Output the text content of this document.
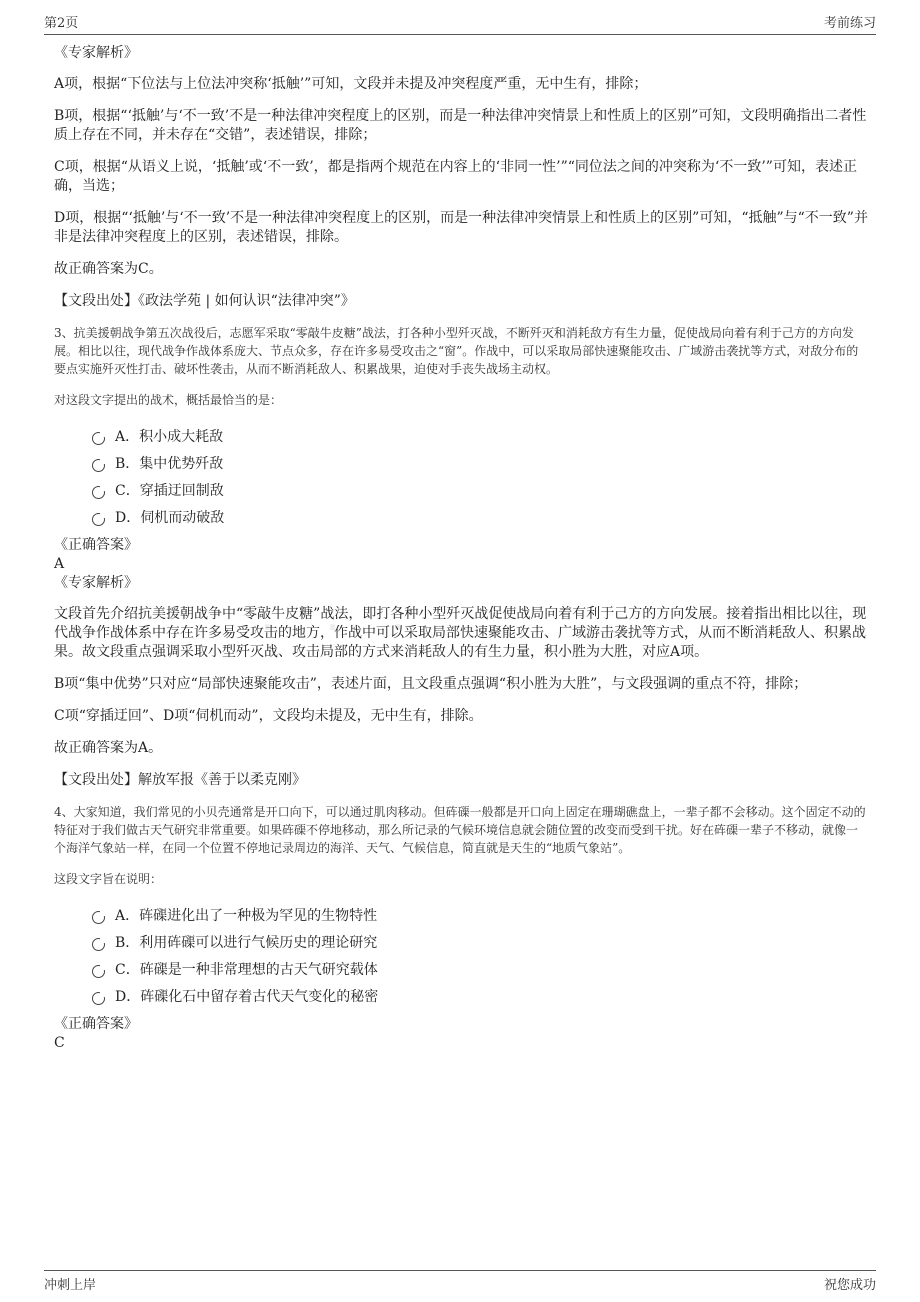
第2页	考前练习
· · ·

《专家解析》

A项，根据“下位法与上位法冲突称‘抵触’”可知，文段并未提及冲突程度严重，无中生有，排除；

B项，根据“‘抵触’与‘不一致’不是一种法律冲突程度上的区别，而是一种法律冲突情景上和性质上的区别”可知，文段明确指出二者性质上存在不同，并未存在“交错”，表述错误，排除；

C项，根据“从语义上说，‘抵触’或‘不一致’，都是指两个规范在内容上的‘非同一性’”“同位法之间的冲突称为‘不一致’”可知，表述正确，当选；

D项，根据“‘抵触’与‘不一致’不是一种法律冲突程度上的区别，而是一种法律冲突情景上和性质上的区别”可知，“抵触”与“不一致”并非是法律冲突程度上的区别，表述错误，排除。

故正确答案为C。

【文段出处】《政法学苑 | 如何认识“法律冲突”》

3、抗美援朝战争第五次战役后，志愿军采取“零敲牛皮糖”战法，打各种小型歼灭战，不断歼灭和消耗敌方有生力量，促使战局向着有利于己方的方向发展。相比以往，现代战争作战体系庞大、节点众多，存在许多易受攻击之“窗”。作战中，可以采取局部快速聚能攻击、广域游击袭扰等方式，对敌分布的要点实施歼灭性打击、破坏性袭击，从而不断消耗敌人、积累战果，迫使对手丧失战场主动权。

对这段文字提出的战术，概括最恰当的是：

A．积小成大耗敌
B．集中优势歼敌
C．穿插迂回制敌
D．伺机而动破敌

《正确答案》

A

《专家解析》

文段首先介绍抗美援朝战争中“零敲牛皮糖”战法，即打各种小型歼灭战促使战局向着有利于己方的方向发展。接着指出相比以往，现代战争作战体系中存在许多易受攻击的地方，作战中可以采取局部快速聚能攻击、广域游击袭扰等方式，从而不断消耗敌人、积累战果。故文段重点强调采取小型歼灭战、攻击局部的方式来消耗敌人的有生力量，积小胜为大胜，对应A项。

B项“集中优势”只对应“局部快速聚能攻击”，表述片面，且文段重点强调“积小胜为大胜”，与文段强调的重点不符，排除；

C项“穿插迂回”、D项“伺机而动”，文段均未提及，无中生有，排除。

故正确答案为A。

【文段出处】解放军报《善于以柔克刚》

4、大家知道，我们常见的小贝壳通常是开口向下，可以通过肌肉移动。但砗磲一般都是开口向上固定在珊瑚礁盘上，一辈子都不会移动。这个固定不动的特征对于我们做古天气研究非常重要。如果砗磲不停地移动，那么所记录的气候环境信息就会随位置的改变而受到干扰。好在砗磲一辈子不移动，就像一个海洋气象站一样，在同一个位置不停地记录周边的海洋、天气、气候信息，简直就是天生的“地质气象站”。

这段文字旨在说明：

A．砗磲进化出了一种极为罕见的生物特性
B．利用砗磲可以进行气候历史的理论研究
C．砗磲是一种非常理想的古天气研究载体
D．砗磲化石中留存着古代天气变化的秘密

《正确答案》

C

冲刺上岸	祝您成功
